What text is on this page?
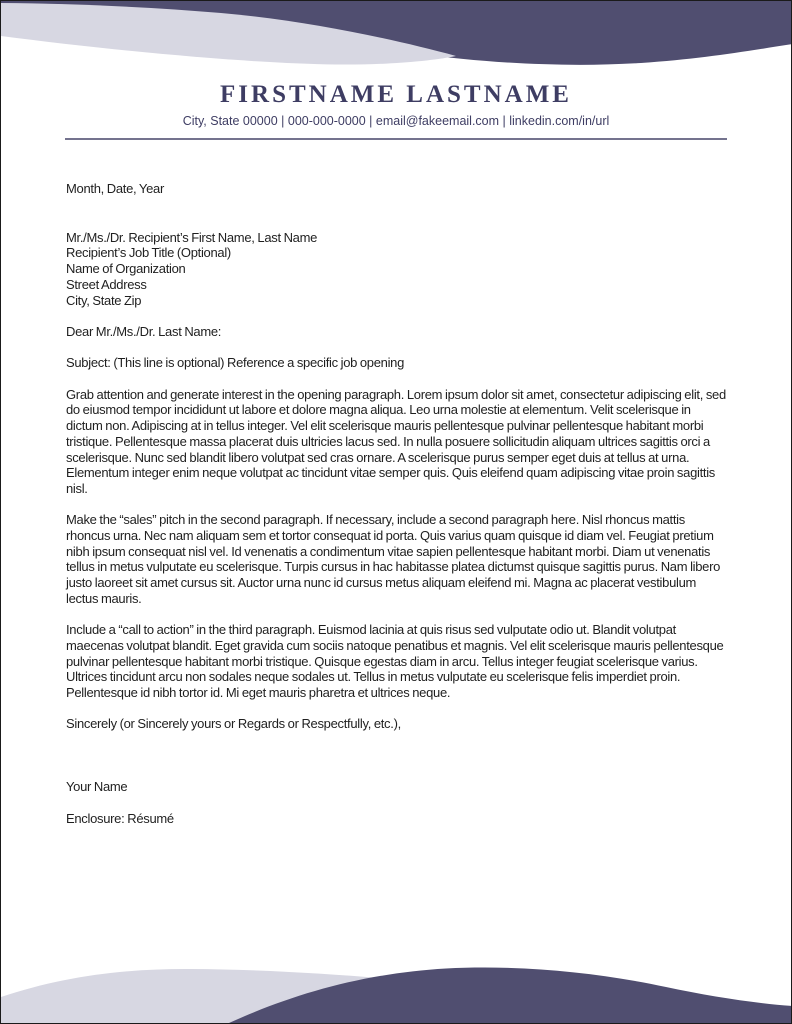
FIRSTNAME LASTNAME
City, State 00000 | 000-000-0000 | email@fakeemail.com | linkedin.com/in/url

Month, Date, Year

Mr./Ms./Dr. Recipient’s First Name, Last Name
Recipient’s Job Title (Optional)
Name of Organization
Street Address
City, State Zip

Dear Mr./Ms./Dr. Last Name:

Subject: (This line is optional) Reference a specific job opening

Grab attention and generate interest in the opening paragraph. Lorem ipsum dolor sit amet, consectetur adipiscing elit, sed do eiusmod tempor incididunt ut labore et dolore magna aliqua. Leo urna molestie at elementum. Velit scelerisque in dictum non. Adipiscing at in tellus integer. Vel elit scelerisque mauris pellentesque pulvinar pellentesque habitant morbi tristique. Pellentesque massa placerat duis ultricies lacus sed. In nulla posuere sollicitudin aliquam ultrices sagittis orci a scelerisque. Nunc sed blandit libero volutpat sed cras ornare. A scelerisque purus semper eget duis at tellus at urna. Elementum integer enim neque volutpat ac tincidunt vitae semper quis. Quis eleifend quam adipiscing vitae proin sagittis nisl.

Make the “sales” pitch in the second paragraph. If necessary, include a second paragraph here. Nisl rhoncus mattis rhoncus urna. Nec nam aliquam sem et tortor consequat id porta. Quis varius quam quisque id diam vel. Feugiat pretium nibh ipsum consequat nisl vel. Id venenatis a condimentum vitae sapien pellentesque habitant morbi. Diam ut venenatis tellus in metus vulputate eu scelerisque. Turpis cursus in hac habitasse platea dictumst quisque sagittis purus. Nam libero justo laoreet sit amet cursus sit. Auctor urna nunc id cursus metus aliquam eleifend mi. Magna ac placerat vestibulum lectus mauris.

Include a “call to action” in the third paragraph. Euismod lacinia at quis risus sed vulputate odio ut. Blandit volutpat maecenas volutpat blandit. Eget gravida cum sociis natoque penatibus et magnis. Vel elit scelerisque mauris pellentesque pulvinar pellentesque habitant morbi tristique. Quisque egestas diam in arcu. Tellus integer feugiat scelerisque varius. Ultrices tincidunt arcu non sodales neque sodales ut. Tellus in metus vulputate eu scelerisque felis imperdiet proin. Pellentesque id nibh tortor id. Mi eget mauris pharetra et ultrices neque.

Sincerely (or Sincerely yours or Regards or Respectfully, etc.),

Your Name

Enclosure: Résumé
